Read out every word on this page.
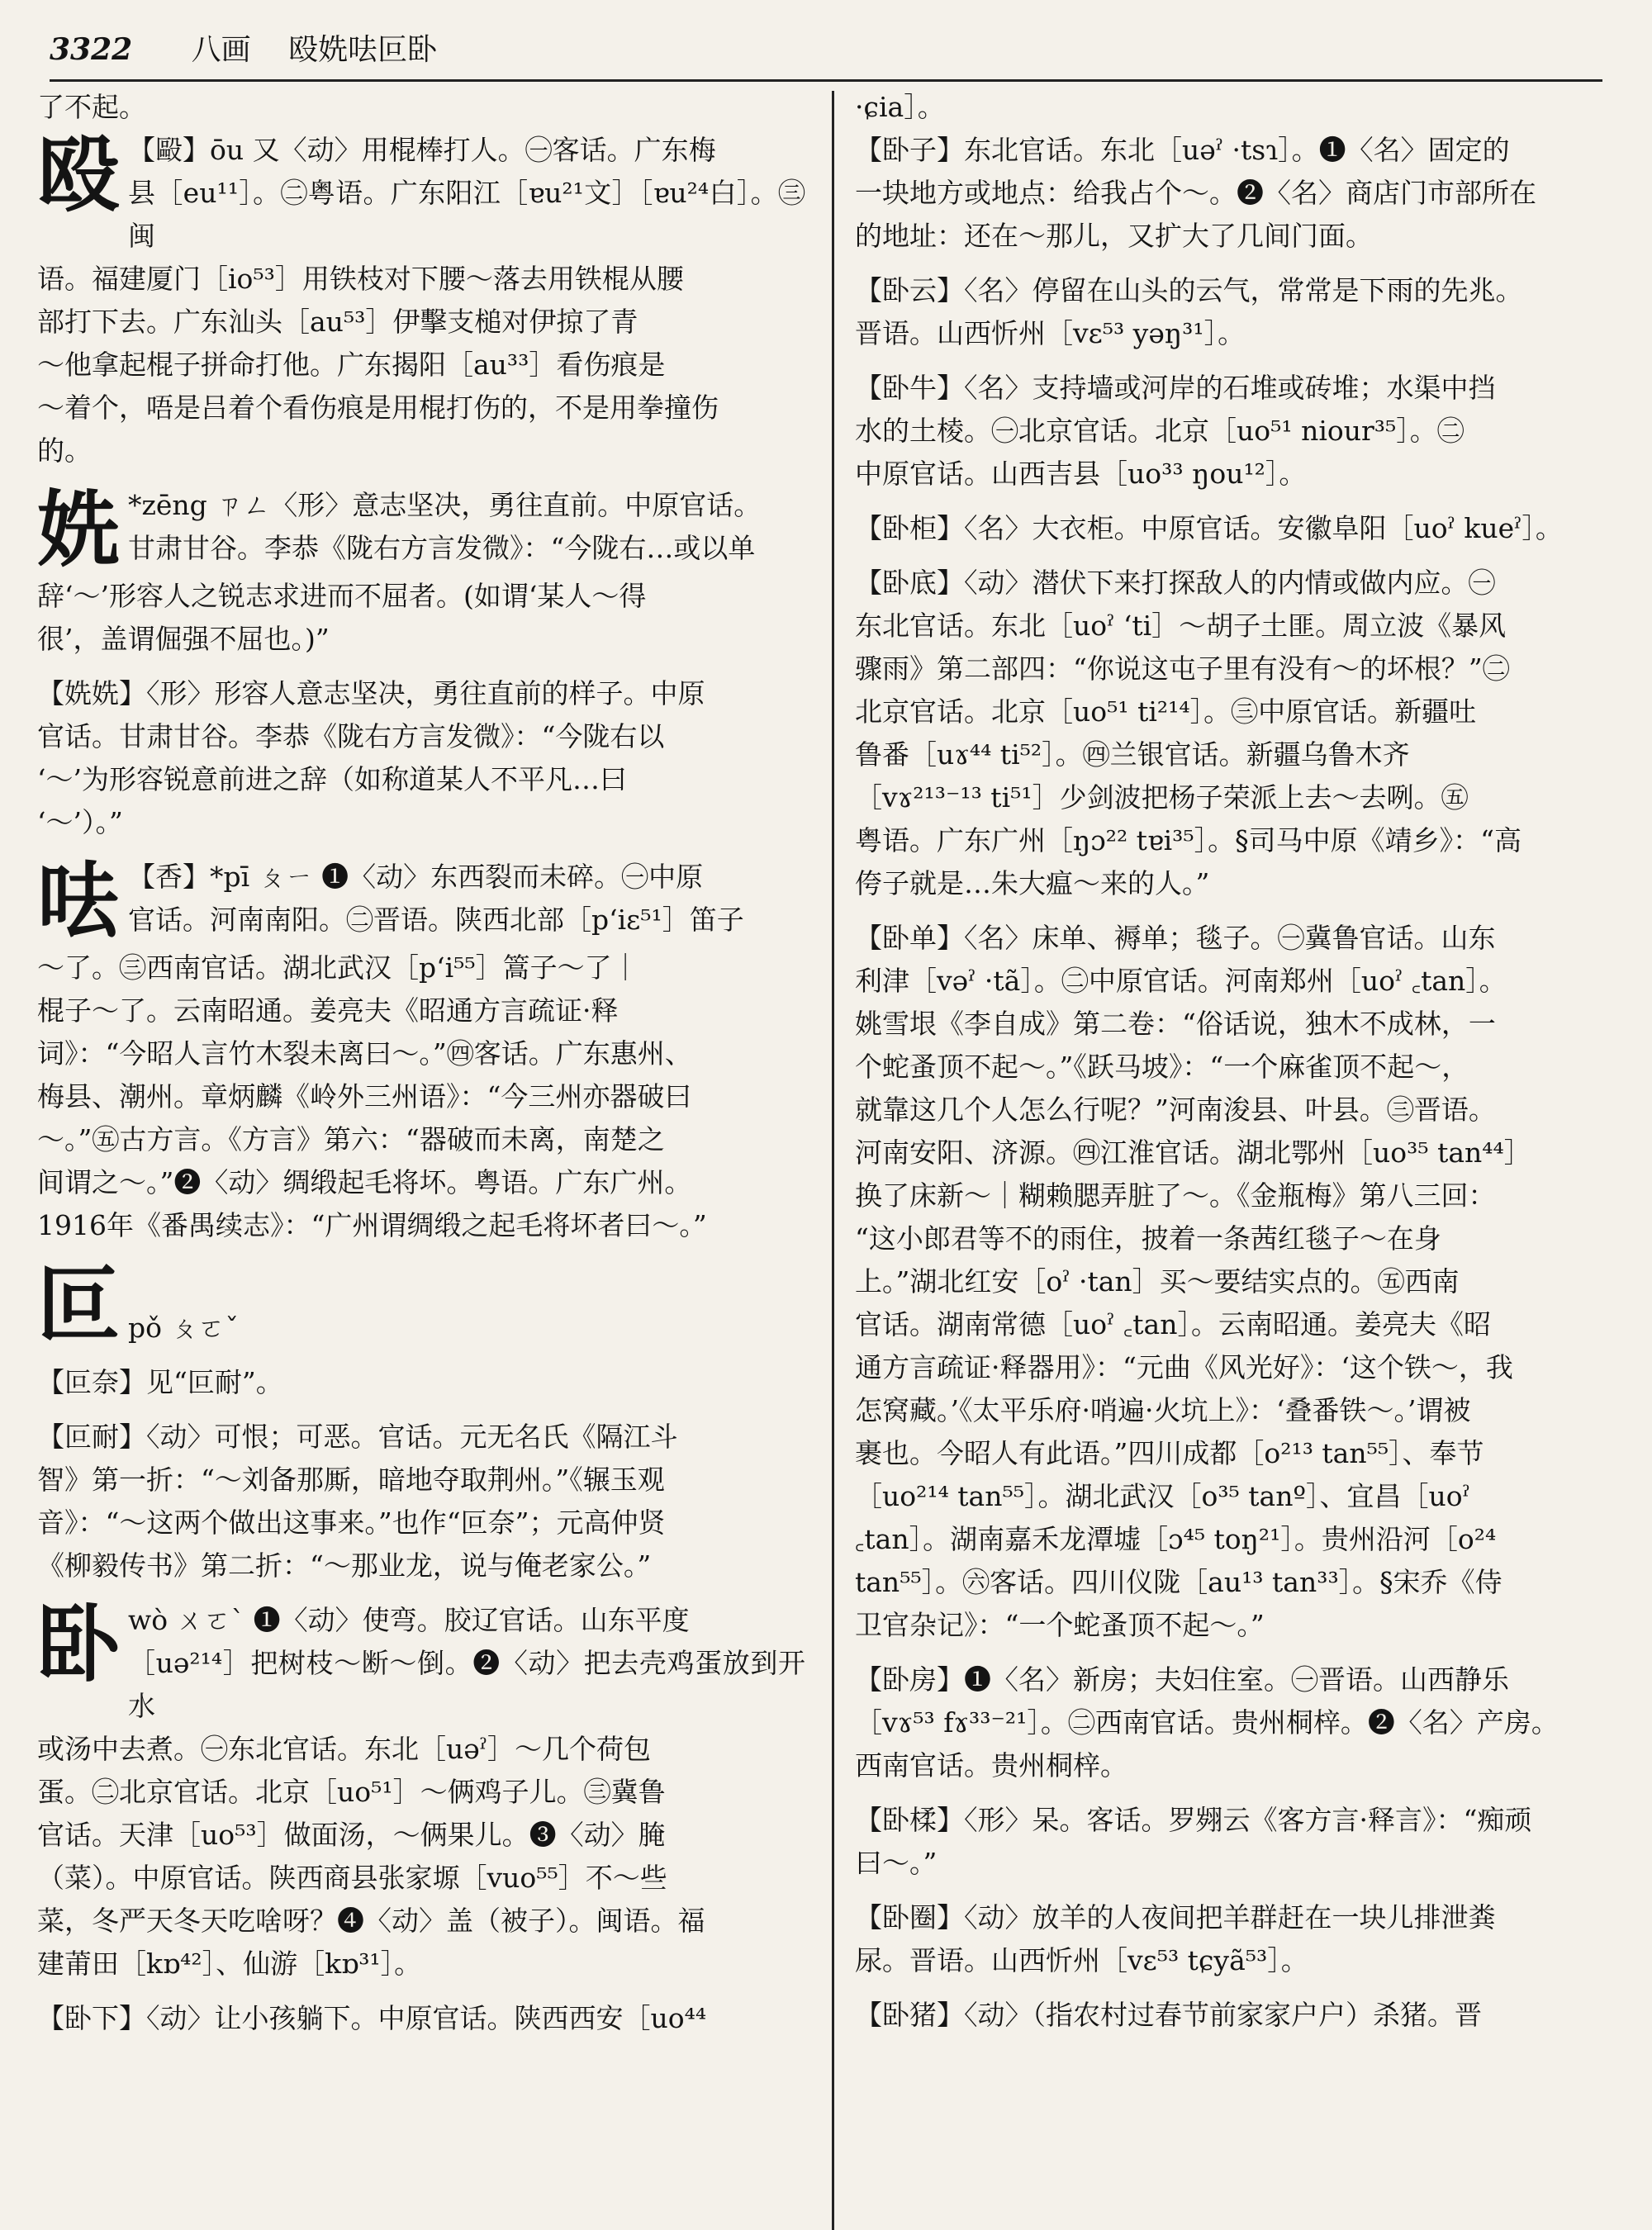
3322 八画 殴姺呿叵卧

了不起。

殴 【毆】ōu 又〈动〉用棍棒打人。㊀客话。广东梅

县［eu¹¹］。㊁粤语。广东阳江［ɐu²¹文］［ɐu²⁴白］。㊂闽

语。福建厦门［io⁵³］用铁枝对下腰～落去用铁棍从腰

部打下去。广东汕头［au⁵³］伊擊支槌对伊掠了青

～他拿起棍子拼命打他。广东揭阳［au³³］看伤痕是

～着个，唔是吕着个看伤痕是用棍打伤的，不是用拳撞伤

的。

姺 *zēng ㄗㄥ〈形〉意志坚决，勇往直前。中原官话。

甘肃甘谷。李恭《陇右方言发微》：“今陇右…或以单

辞‘～’形容人之锐志求进而不屈者。(如谓‘某人～得

很’，盖谓倔强不屈也。)”

【姺姺】〈形〉形容人意志坚决，勇往直前的样子。中原

官话。甘肃甘谷。李恭《陇右方言发微》：“今陇右以

‘～’为形容锐意前进之辞（如称道某人不平凡…曰

‘～’）。”

呿 【㕿】*pī ㄆㄧ ❶〈动〉东西裂而未碎。㊀中原

官话。河南南阳。㊁晋语。陕西北部［pʻiɛ⁵¹］笛子

～了。㊂西南官话。湖北武汉［pʻi⁵⁵］篙子～了｜

棍子～了。云南昭通。姜亮夫《昭通方言疏证·释

词》：“今昭人言竹木裂未离曰～。”㊃客话。广东惠州、

梅县、潮州。章炳麟《岭外三州语》：“今三州亦器破曰

～。”㊄古方言。《方言》第六：“器破而未离，南楚之

间谓之～。”❷〈动〉绸缎起毛将坏。粤语。广东广州。

1916年《番禺续志》：“广州谓绸缎之起毛将坏者曰～。”

叵 pǒ ㄆㄛˇ

【叵奈】见“叵耐”。

【叵耐】〈动〉可恨；可恶。官话。元无名氏《隔江斗

智》第一折：“～刘备那厮，暗地夺取荆州。”《辗玉观

音》：“～这两个做出这事来。”也作“叵奈”；元高仲贤

《柳毅传书》第二折：“～那业龙，说与俺老家公。”

卧 wò ㄨㄛˋ ❶〈动〉使弯。胶辽官话。山东平度

［uə²¹⁴］把树枝～断～倒。❷〈动〉把去壳鸡蛋放到开水

或汤中去煮。㊀东北官话。东北［uəˀ］～几个荷包

蛋。㊁北京官话。北京［uo⁵¹］～俩鸡子儿。㊂冀鲁

官话。天津［uo⁵³］做面汤，～俩果儿。❸〈动〉腌

（菜）。中原官话。陕西商县张家塬［vuo⁵⁵］不～些

菜，冬严天冬天吃啥呀？❹〈动〉盖（被子）。闽语。福

建莆田［kɒ⁴²］、仙游［kɒ³¹］。

【卧下】〈动〉让小孩躺下。中原官话。陕西西安［uo⁴⁴

·ɕia］。

【卧子】东北官话。东北［uəˀ ·tsɿ］。❶〈名〉固定的

一块地方或地点：给我占个～。❷〈名〉商店门市部所在

的地址：还在～那儿，又扩大了几间门面。

【卧云】〈名〉停留在山头的云气，常常是下雨的先兆。

晋语。山西忻州［vɛ⁵³ yəŋ³¹］。

【卧牛】〈名〉支持墙或河岸的石堆或砖堆；水渠中挡

水的土棱。㊀北京官话。北京［uo⁵¹ niour³⁵］。㊁

中原官话。山西吉县［uo³³ ŋou¹²］。

【卧柜】〈名〉大衣柜。中原官话。安徽阜阳［uoˀ kueˀ］。

【卧底】〈动〉潜伏下来打探敌人的内情或做内应。㊀

东北官话。东北［uoˀ ʻti］～胡子土匪。周立波《暴风

骤雨》第二部四：“你说这屯子里有没有～的坏根？”㊁

北京官话。北京［uo⁵¹ ti²¹⁴］。㊂中原官话。新疆吐

鲁番［uɤ⁴⁴ ti⁵²］。㊃兰银官话。新疆乌鲁木齐

［vɤ²¹³⁻¹³ ti⁵¹］少剑波把杨子荣派上去～去咧。㊄

粤语。广东广州［ŋɔ²² tɐi³⁵］。§司马中原《靖乡》：“高

侉子就是…朱大瘟～来的人。”

【卧单】〈名〉床单、褥单；毯子。㊀冀鲁官话。山东

利津［vəˀ ·tã］。㊁中原官话。河南郑州［uoˀ ꜀tan］。

姚雪垠《李自成》第二卷：“俗话说，独木不成林，一

个蛇蚤顶不起～。”《跃马坡》：“一个麻雀顶不起～，

就靠这几个人怎么行呢？”河南浚县、叶县。㊂晋语。

河南安阳、济源。㊃江淮官话。湖北鄂州［uo³⁵ tan⁴⁴］

换了床新～｜糊赖腮弄脏了～。《金瓶梅》第八三回：

“这小郎君等不的雨住，披着一条茜红毯子～在身

上。”湖北红安［oˀ ·tan］买～要结实点的。㊄西南

官话。湖南常德［uoˀ ꜀tan］。云南昭通。姜亮夫《昭

通方言疏证·释器用》：“元曲《风光好》：‘这个铁～，我

怎窝藏。’《太平乐府·哨遍·火坑上》：‘叠番铁～。’谓被

裹也。今昭人有此语。”四川成都［o²¹³ tan⁵⁵］、奉节

［uo²¹⁴ tan⁵⁵］。湖北武汉［o³⁵ tanº］、宜昌［uoˀ

꜀tan］。湖南嘉禾龙潭墟［ɔ⁴⁵ toŋ²¹］。贵州沿河［o²⁴

tan⁵⁵］。㊅客话。四川仪陇［au¹³ tan³³］。§宋乔《侍

卫官杂记》：“一个蛇蚤顶不起～。”

【卧房】❶〈名〉新房；夫妇住室。㊀晋语。山西静乐

［vɤ⁵³ fɤ³³⁻²¹］。㊁西南官话。贵州桐梓。❷〈名〉产房。

西南官话。贵州桐梓。

【卧楺】〈形〉呆。客话。罗翙云《客方言·释言》：“痴顽

曰～。”

【卧圈】〈动〉放羊的人夜间把羊群赶在一块儿排泄粪

尿。晋语。山西忻州［vɛ⁵³ tɕyã⁵³］。

【卧猪】〈动〉（指农村过春节前家家户户）杀猪。晋
